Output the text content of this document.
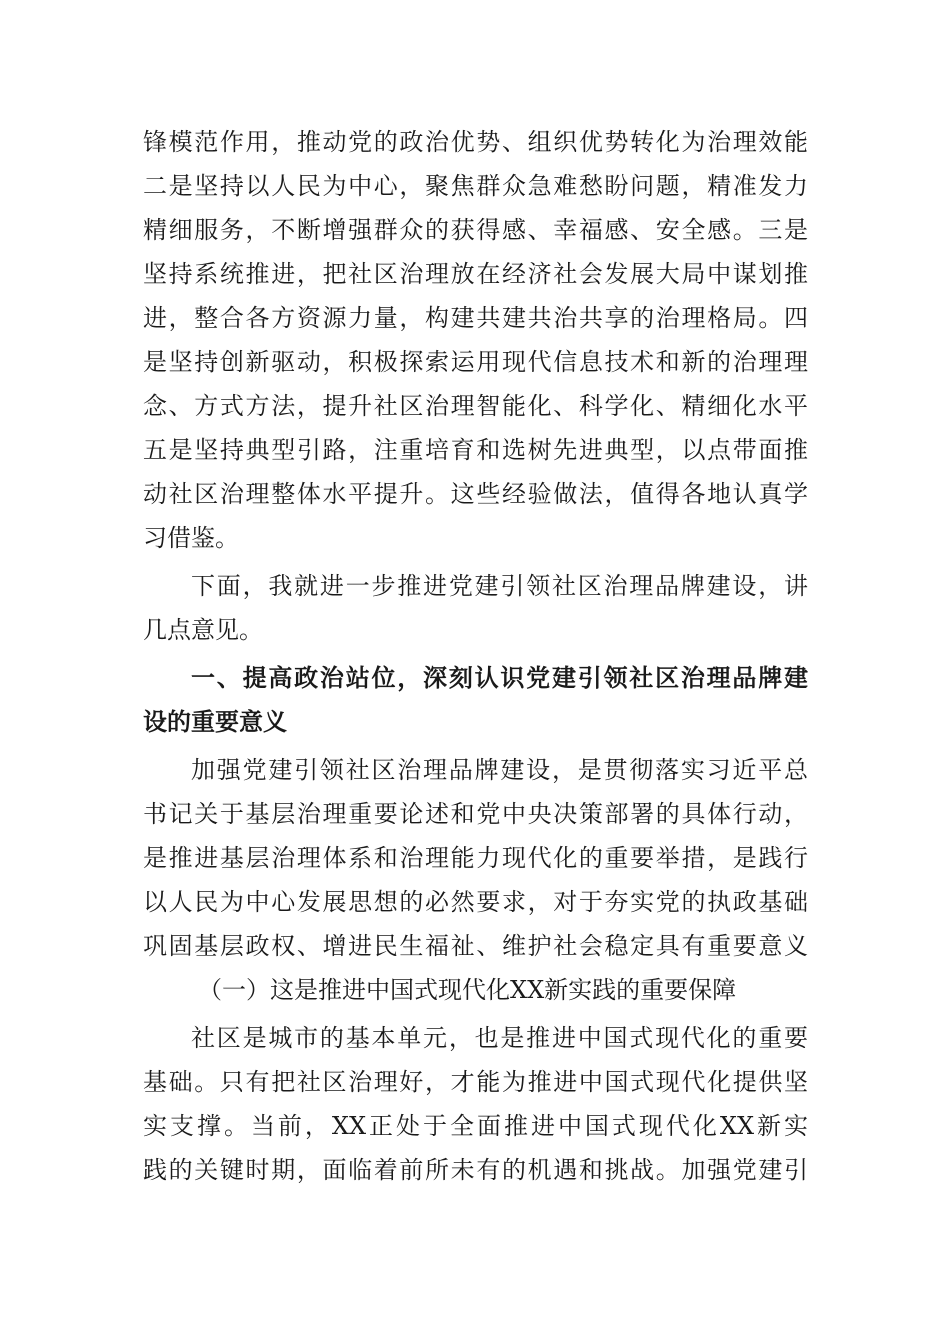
锋模范作用，推动党的政治优势、组织优势转化为治理效能
二是坚持以人民为中心，聚焦群众急难愁盼问题，精准发力
精细服务，不断增强群众的获得感、幸福感、安全感。三是
坚持系统推进，把社区治理放在经济社会发展大局中谋划推
进，整合各方资源力量，构建共建共治共享的治理格局。四
是坚持创新驱动，积极探索运用现代信息技术和新的治理理
念、方式方法，提升社区治理智能化、科学化、精细化水平
五是坚持典型引路，注重培育和选树先进典型，以点带面推
动社区治理整体水平提升。这些经验做法，值得各地认真学
习借鉴。
下面，我就进一步推进党建引领社区治理品牌建设，讲
几点意见。
一、提高政治站位，深刻认识党建引领社区治理品牌建
设的重要意义
加强党建引领社区治理品牌建设，是贯彻落实习近平总
书记关于基层治理重要论述和党中央决策部署的具体行动，
是推进基层治理体系和治理能力现代化的重要举措，是践行
以人民为中心发展思想的必然要求，对于夯实党的执政基础
巩固基层政权、增进民生福祉、维护社会稳定具有重要意义
（一）这是推进中国式现代化XX新实践的重要保障
社区是城市的基本单元，也是推进中国式现代化的重要
基础。只有把社区治理好，才能为推进中国式现代化提供坚
实支撑。当前，XX正处于全面推进中国式现代化XX新实
践的关键时期，面临着前所未有的机遇和挑战。加强党建引
